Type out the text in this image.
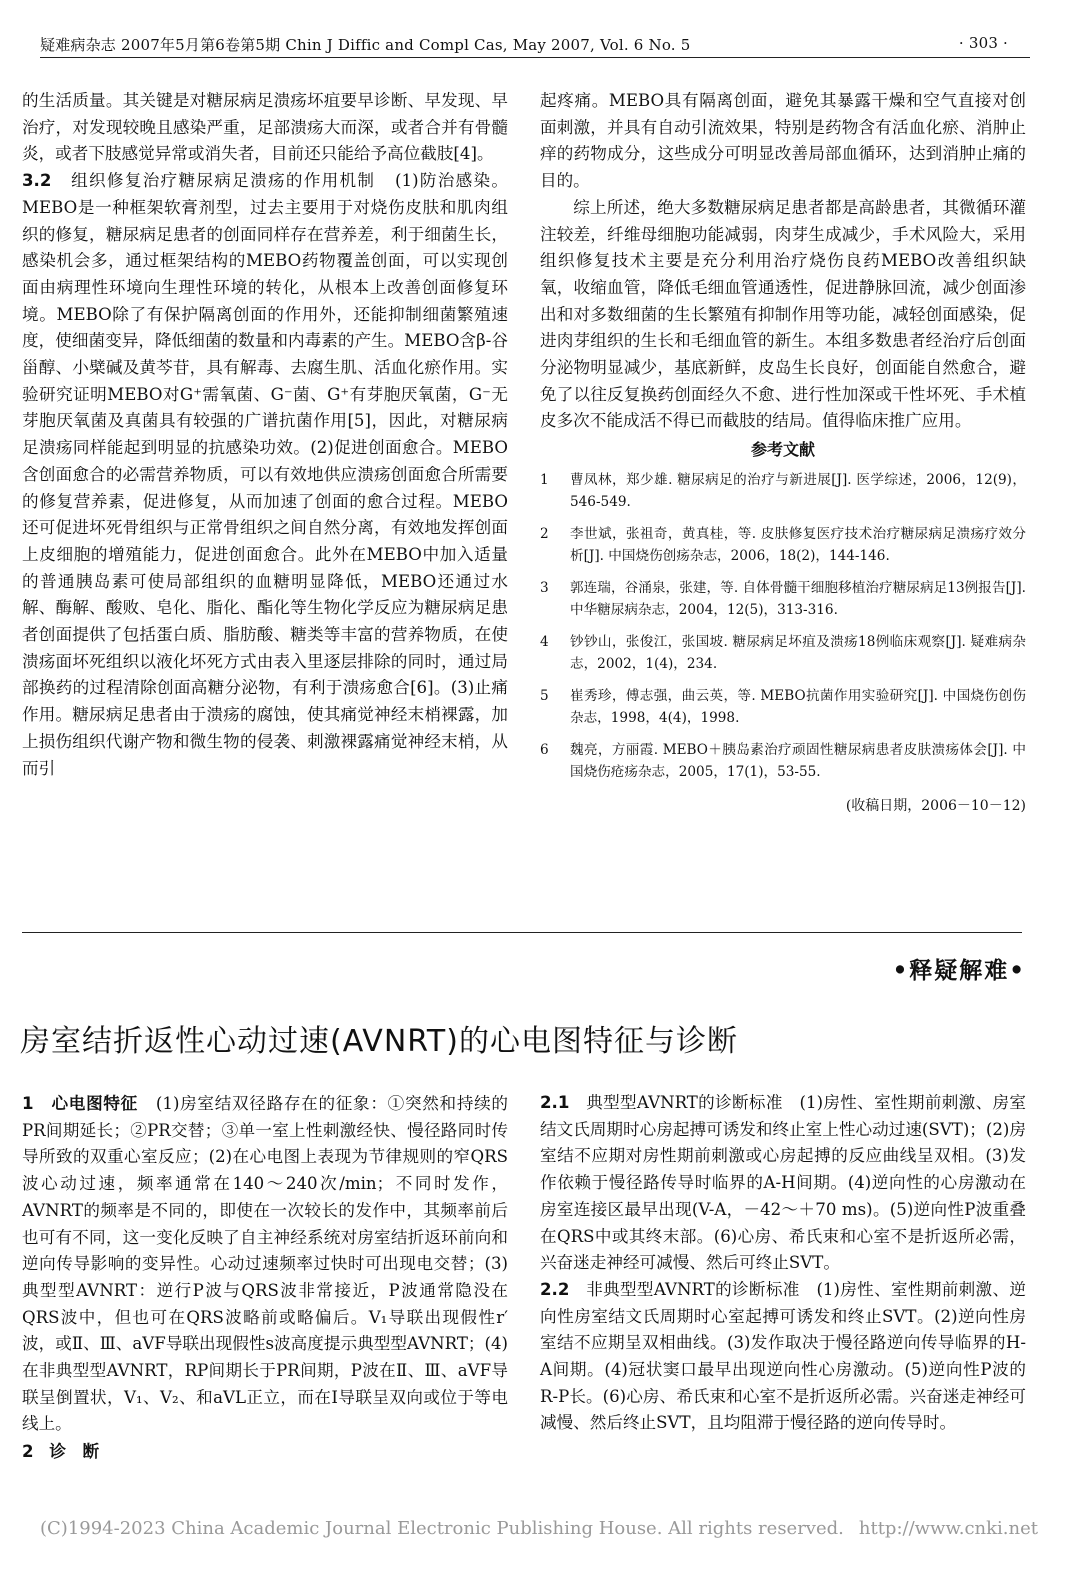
疑难病杂志 2007年5月第6卷第5期 Chin J Diffic and Compl Cas, May 2007, Vol. 6 No. 5	· 303 ·

的生活质量。其关键是对糖尿病足溃疡坏疽要早诊断、早发现、早治疗，对发现较晚且感染严重，足部溃疡大而深，或者合并有骨髓炎，或者下肢感觉异常或消失者，目前还只能给予高位截肢[4]。

3.2 组织修复治疗糖尿病足溃疡的作用机制 (1)防治感染。MEBO是一种框架软膏剂型，过去主要用于对烧伤皮肤和肌肉组织的修复，糖尿病足患者的创面同样存在营养差，利于细菌生长，感染机会多，通过框架结构的MEBO药物覆盖创面，可以实现创面由病理性环境向生理性环境的转化，从根本上改善创面修复环境。MEBO除了有保护隔离创面的作用外，还能抑制细菌繁殖速度，使细菌变异，降低细菌的数量和内毒素的产生。MEBO含β-谷甾醇、小檗碱及黄芩苷，具有解毒、去腐生肌、活血化瘀作用。实验研究证明MEBO对G⁺需氧菌、G⁻菌、G⁺有芽胞厌氧菌，G⁻无芽胞厌氧菌及真菌具有较强的广谱抗菌作用[5]，因此，对糖尿病足溃疡同样能起到明显的抗感染功效。(2)促进创面愈合。MEBO含创面愈合的必需营养物质，可以有效地供应溃疡创面愈合所需要的修复营养素，促进修复，从而加速了创面的愈合过程。MEBO还可促进坏死骨组织与正常骨组织之间自然分离，有效地发挥创面上皮细胞的增殖能力，促进创面愈合。此外在MEBO中加入适量的普通胰岛素可使局部组织的血糖明显降低，MEBO还通过水解、酶解、酸败、皂化、脂化、酯化等生物化学反应为糖尿病足患者创面提供了包括蛋白质、脂肪酸、糖类等丰富的营养物质，在使溃疡面坏死组织以液化坏死方式由表入里逐层排除的同时，通过局部换药的过程清除创面高糖分泌物，有利于溃疡愈合[6]。(3)止痛作用。糖尿病足患者由于溃疡的腐蚀，使其痛觉神经末梢裸露，加上损伤组织代谢产物和微生物的侵袭、刺激裸露痛觉神经末梢，从而引

起疼痛。MEBO具有隔离创面，避免其暴露干燥和空气直接对创面刺激，并具有自动引流效果，特别是药物含有活血化瘀、消肿止痒的药物成分，这些成分可明显改善局部血循环，达到消肿止痛的目的。

综上所述，绝大多数糖尿病足患者都是高龄患者，其微循环灌注较差，纤维母细胞功能减弱，肉芽生成减少，手术风险大，采用组织修复技术主要是充分利用治疗烧伤良药MEBO改善组织缺氧，收缩血管，降低毛细血管通透性，促进静脉回流，减少创面渗出和对多数细菌的生长繁殖有抑制作用等功能，减轻创面感染，促进肉芽组织的生长和毛细血管的新生。本组多数患者经治疗后创面分泌物明显减少，基底新鲜，皮岛生长良好，创面能自然愈合，避免了以往反复换药创面经久不愈、进行性加深或干性坏死、手术植皮多次不能成活不得已而截肢的结局。值得临床推广应用。

参考文献
1 曹凤林，郑少雄. 糖尿病足的治疗与新进展[J]. 医学综述，2006，12(9)，546-549.
2 李世斌，张祖奇，黄真桂，等. 皮肤修复医疗技术治疗糖尿病足溃疡疗效分析[J]. 中国烧伤创疡杂志，2006，18(2)，144-146.
3 郭连瑞，谷涌泉，张建，等. 自体骨髓干细胞移植治疗糖尿病足13例报告[J]. 中华糖尿病杂志，2004，12(5)，313-316.
4 钞钞山，张俊江，张国坡. 糖尿病足坏疽及溃疡18例临床观察[J]. 疑难病杂志，2002，1(4)，234.
5 崔秀珍，傅志强，曲云英，等. MEBO抗菌作用实验研究[J]. 中国烧伤创伤杂志，1998，4(4)，1998.
6 魏亮，方丽霞. MEBO＋胰岛素治疗顽固性糖尿病患者皮肤溃疡体会[J]. 中国烧伤疮疡杂志，2005，17(1)，53-55.
(收稿日期，2006－10－12)
•释疑解难•
房室结折返性心动过速(AVNRT)的心电图特征与诊断

1 心电图特征 (1)房室结双径路存在的征象：①突然和持续的PR间期延长；②PR交替；③单一室上性刺激经快、慢径路同时传导所致的双重心室反应；(2)在心电图上表现为节律规则的窄QRS波心动过速，频率通常在140～240次/min；不同时发作，AVNRT的频率是不同的，即使在一次较长的发作中，其频率前后也可有不同，这一变化反映了自主神经系统对房室结折返环前向和逆向传导影响的变异性。心动过速频率过快时可出现电交替；(3)典型型AVNRT：逆行P波与QRS波非常接近，P波通常隐没在QRS波中，但也可在QRS波略前或略偏后。V₁导联出现假性r′波，或Ⅱ、Ⅲ、aVF导联出现假性s波高度提示典型型AVNRT；(4)在非典型型AVNRT，RP间期长于PR间期，P波在Ⅱ、Ⅲ、aVF导联呈倒置状，V₁、V₂、和aVL正立，而在Ⅰ导联呈双向或位于等电线上。

2 诊　断

2.1 典型型AVNRT的诊断标准 (1)房性、室性期前刺激、房室结文氏周期时心房起搏可诱发和终止室上性心动过速(SVT)；(2)房室结不应期对房性期前刺激或心房起搏的反应曲线呈双相。(3)发作依赖于慢径路传导时临界的A-H间期。(4)逆向性的心房激动在房室连接区最早出现(V-A，－42～＋70 ms)。(5)逆向性P波重叠在QRS中或其终末部。(6)心房、希氏束和心室不是折返所必需，兴奋迷走神经可减慢、然后可终止SVT。

2.2 非典型型AVNRT的诊断标准 (1)房性、室性期前刺激、逆向性房室结文氏周期时心室起搏可诱发和终止SVT。(2)逆向性房室结不应期呈双相曲线。(3)发作取决于慢径路逆向传导临界的H-A间期。(4)冠状窦口最早出现逆向性心房激动。(5)逆向性P波的R-P长。(6)心房、希氏束和心室不是折返所必需。兴奋迷走神经可减慢、然后终止SVT，且均阻滞于慢径路的逆向传导时。

(C)1994-2023 China Academic Journal Electronic Publishing House. All rights reserved. http://www.cnki.net
